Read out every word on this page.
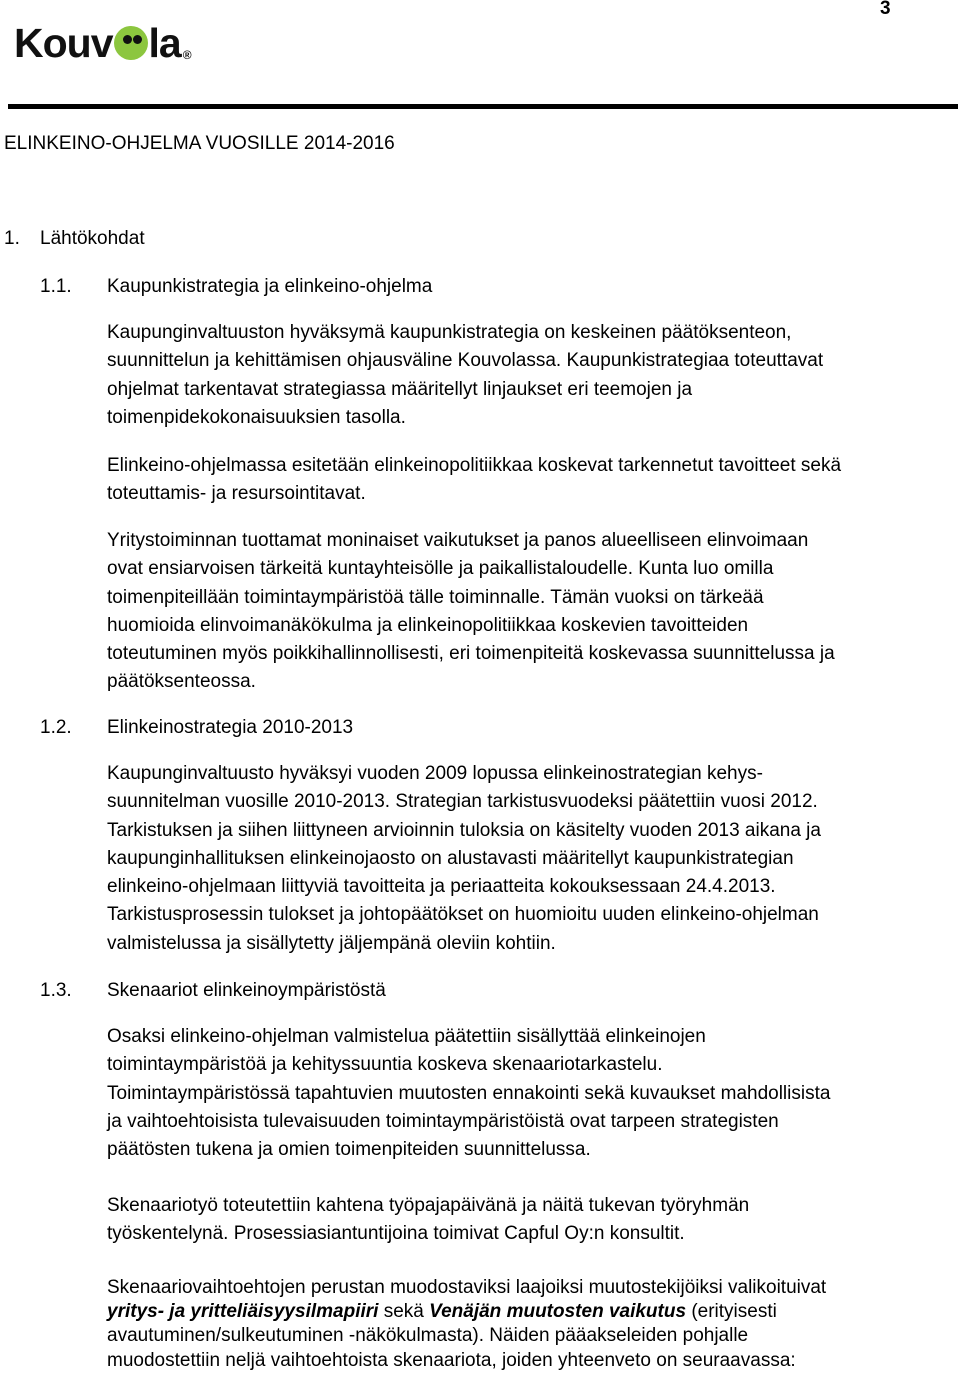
3
Kouv la ®
ELINKEINO-OHJELMA VUOSILLE 2014-2016
1. Lähtökohdat
1.1. Kaupunkistrategia ja elinkeino-ohjelma

Kaupunginvaltuuston hyväksymä kaupunkistrategia on keskeinen päätöksenteon,
suunnittelun ja kehittämisen ohjausväline Kouvolassa. Kaupunkistrategiaa toteuttavat
ohjelmat tarkentavat strategiassa määritellyt linjaukset eri teemojen ja
toimenpidekokonaisuuksien tasolla.

Elinkeino-ohjelmassa esitetään elinkeinopolitiikkaa koskevat tarkennetut tavoitteet sekä
toteuttamis- ja resursointitavat.

Yritystoiminnan tuottamat moninaiset vaikutukset ja panos alueelliseen elinvoimaan
ovat ensiarvoisen tärkeitä kuntayhteisölle ja paikallistaloudelle. Kunta luo omilla
toimenpiteillään toimintaympäristöä tälle toiminnalle. Tämän vuoksi on tärkeää
huomioida elinvoimanäkökulma ja elinkeinopolitiikkaa koskevien tavoitteiden
toteutuminen myös poikkihallinnollisesti, eri toimenpiteitä koskevassa suunnittelussa ja
päätöksenteossa.

1.2. Elinkeinostrategia 2010-2013

Kaupunginvaltuusto hyväksyi vuoden 2009 lopussa elinkeinostrategian kehys-
suunnitelman vuosille 2010-2013. Strategian tarkistusvuodeksi päätettiin vuosi 2012.
Tarkistuksen ja siihen liittyneen arvioinnin tuloksia on käsitelty vuoden 2013 aikana ja
kaupunginhallituksen elinkeinojaosto on alustavasti määritellyt kaupunkistrategian
elinkeino-ohjelmaan liittyviä tavoitteita ja periaatteita kokouksessaan 24.4.2013.
Tarkistusprosessin tulokset ja johtopäätökset on huomioitu uuden elinkeino-ohjelman
valmistelussa ja sisällytetty jäljempänä oleviin kohtiin.

1.3. Skenaariot elinkeinoympäristöstä

Osaksi elinkeino-ohjelman valmistelua päätettiin sisällyttää elinkeinojen
toimintaympäristöä ja kehityssuuntia koskeva skenaariotarkastelu.
Toimintaympäristössä tapahtuvien muutosten ennakointi sekä kuvaukset mahdollisista
ja vaihtoehtoisista tulevaisuuden toimintaympäristöistä ovat tarpeen strategisten
päätösten tukena ja omien toimenpiteiden suunnittelussa.

Skenaariotyö toteutettiin kahtena työpajapäivänä ja näitä tukevan työryhmän
työskentelynä. Prosessiasiantuntijoina toimivat Capful Oy:n konsultit.

Skenaariovaihtoehtojen perustan muodostaviksi laajoiksi muutostekijöiksi valikoituivat
yritys- ja yritteliäisyysilmapiiri sekä Venäjän muutosten vaikutus (erityisesti
avautuminen/sulkeutuminen -näkökulmasta). Näiden pääakseleiden pohjalle
muodostettiin neljä vaihtoehtoista skenaariota, joiden yhteenveto on seuraavassa:
